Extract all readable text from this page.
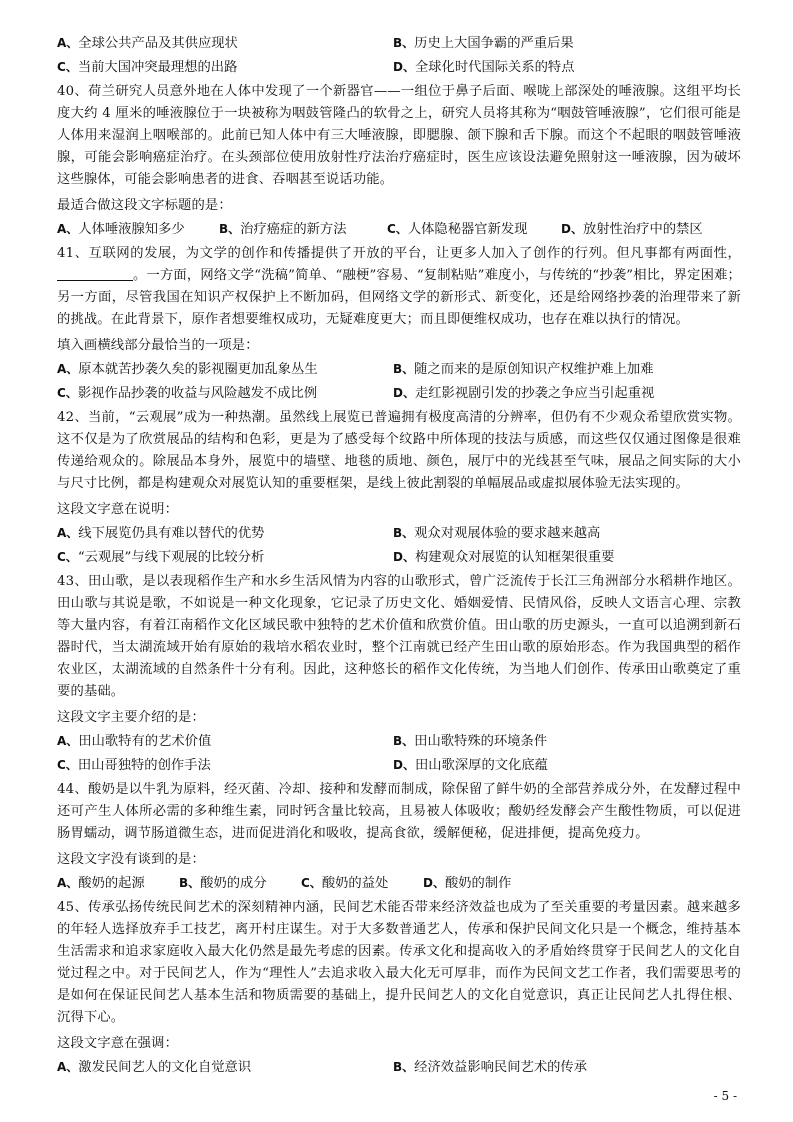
A、全球公共产品及其供应现状	B、历史上大国争霸的严重后果
C、当前大国冲突最理想的出路	D、全球化时代国际关系的特点

40、荷兰研究人员意外地在人体中发现了一个新器官——一组位于鼻子后面、喉咙上部深处的唾液腺。这组平均长度大约 4 厘米的唾液腺位于一块被称为咽鼓管隆凸的软骨之上，研究人员将其称为“咽鼓管唾液腺”，它们很可能是人体用来湿润上咽喉部的。此前已知人体中有三大唾液腺，即腮腺、颌下腺和舌下腺。而这个不起眼的咽鼓管唾液腺，可能会影响癌症治疗。在头颈部位使用放射性疗法治疗癌症时，医生应该设法避免照射这一唾液腺，因为破坏这些腺体，可能会影响患者的进食、吞咽甚至说话功能。

最适合做这段文字标题的是：

A、人体唾液腺知多少	B、治疗癌症的新方法	C、人体隐秘器官新发现	D、放射性治疗中的禁区

41、互联网的发展，为文学的创作和传播提供了开放的平台，让更多人加入了创作的行列。但凡事都有两面性，。一方面，网络文学“洗稿”简单、“融梗”容易、“复制粘贴”难度小，与传统的“抄袭”相比，界定困难；另一方面，尽管我国在知识产权保护上不断加码，但网络文学的新形式、新变化，还是给网络抄袭的治理带来了新的挑战。在此背景下，原作者想要维权成功，无疑难度更大；而且即便维权成功，也存在难以执行的情况。

填入画横线部分最恰当的一项是：

A、原本就苦抄袭久矣的影视圈更加乱象丛生	B、随之而来的是原创知识产权维护难上加难
C、影视作品抄袭的收益与风险越发不成比例	D、走红影视剧引发的抄袭之争应当引起重视

42、当前，“云观展”成为一种热潮。虽然线上展览已普遍拥有极度高清的分辨率，但仍有不少观众希望欣赏实物。这不仅是为了欣赏展品的结构和色彩，更是为了感受每个纹路中所体现的技法与质感，而这些仅仅通过图像是很难传递给观众的。除展品本身外，展览中的墙壁、地毯的质地、颜色，展厅中的光线甚至气味，展品之间实际的大小与尺寸比例，都是构建观众对展览认知的重要框架，是线上彼此割裂的单幅展品或虚拟展体验无法实现的。

这段文字意在说明：

A、线下展览仍具有难以替代的优势	B、观众对观展体验的要求越来越高
C、“云观展”与线下观展的比较分析	D、构建观众对展览的认知框架很重要

43、田山歌，是以表现稻作生产和水乡生活风情为内容的山歌形式，曾广泛流传于长江三角洲部分水稻耕作地区。田山歌与其说是歌，不如说是一种文化现象，它记录了历史文化、婚姻爱情、民情风俗，反映人文语言心理、宗教等大量内容，有着江南稻作文化区域民歌中独特的艺术价值和欣赏价值。田山歌的历史源头，一直可以追溯到新石器时代，当太湖流域开始有原始的栽培水稻农业时，整个江南就已经产生田山歌的原始形态。作为我国典型的稻作农业区，太湖流域的自然条件十分有利。因此，这种悠长的稻作文化传统，为当地人们创作、传承田山歌奠定了重要的基础。

这段文字主要介绍的是：

A、田山歌特有的艺术价值	B、田山歌特殊的环境条件
C、田山哥独特的创作手法	D、田山歌深厚的文化底蕴

44、酸奶是以牛乳为原料，经灭菌、冷却、接种和发酵而制成，除保留了鲜牛奶的全部营养成分外，在发酵过程中还可产生人体所必需的多种维生素，同时钙含量比较高，且易被人体吸收；酸奶经发酵会产生酸性物质，可以促进肠胃蠕动，调节肠道微生态，进而促进消化和吸收，提高食欲，缓解便秘，促进排便，提高免疫力。

这段文字没有谈到的是：

A、酸奶的起源	B、酸奶的成分	C、酸奶的益处	D、酸奶的制作

45、传承弘扬传统民间艺术的深刻精神内涵，民间艺术能否带来经济效益也成为了至关重要的考量因素。越来越多的年轻人选择放弃手工技艺，离开村庄谋生。对于大多数普通艺人，传承和保护民间文化只是一个概念，维持基本生活需求和追求家庭收入最大化仍然是最先考虑的因素。传承文化和提高收入的矛盾始终贯穿于民间艺人的文化自觉过程之中。对于民间艺人，作为“理性人”去追求收入最大化无可厚非，而作为民间文艺工作者，我们需要思考的是如何在保证民间艺人基本生活和物质需要的基础上，提升民间艺人的文化自觉意识，真正让民间艺人扎得住根、沉得下心。

这段文字意在强调：

A、激发民间艺人的文化自觉意识	B、经济效益影响民间艺术的传承
- 5 -
